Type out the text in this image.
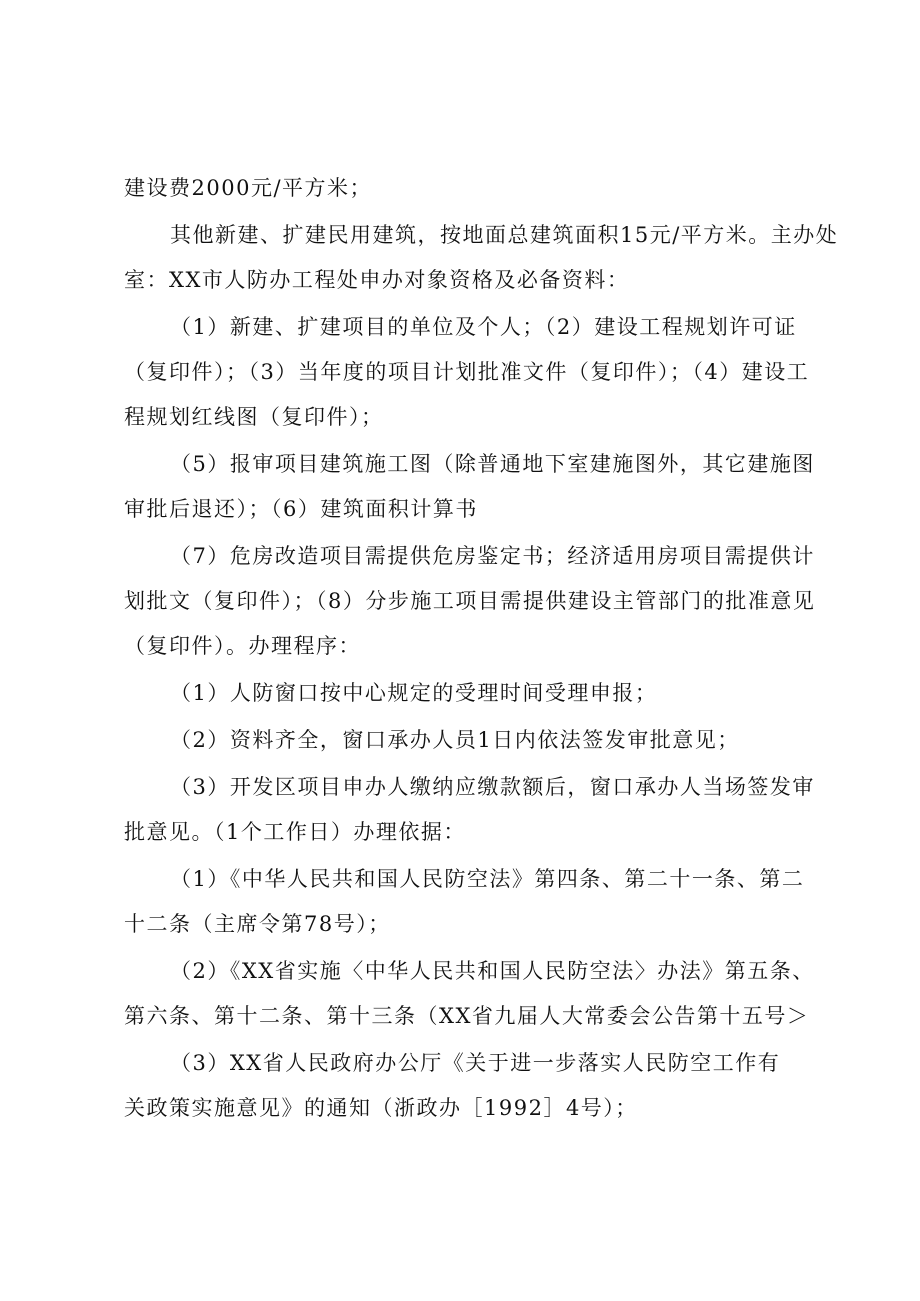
建设费2000元/平方米；

其他新建、扩建民用建筑，按地面总建筑面积15元/平方米。主办处
室：XX市人防办工程处申办对象资格及必备资料：

（1）新建、扩建项目的单位及个人；（2）建设工程规划许可证
（复印件）；（3）当年度的项目计划批准文件（复印件）；（4）建设工
程规划红线图（复印件）；

（5）报审项目建筑施工图（除普通地下室建施图外，其它建施图
审批后退还）；（6）建筑面积计算书

（7）危房改造项目需提供危房鉴定书；经济适用房项目需提供计
划批文（复印件）；（8）分步施工项目需提供建设主管部门的批准意见
（复印件）。办理程序：

（1）人防窗口按中心规定的受理时间受理申报；

（2）资料齐全，窗口承办人员1日内依法签发审批意见；

（3）开发区项目申办人缴纳应缴款额后，窗口承办人当场签发审
批意见。（1个工作日）办理依据：

（1）《中华人民共和国人民防空法》第四条、第二十一条、第二
十二条（主席令第78号）；

（2）《XX省实施〈中华人民共和国人民防空法〉办法》第五条、
第六条、第十二条、第十三条（XX省九届人大常委会公告第十五号＞

（3）XX省人民政府办公厅《关于进一步落实人民防空工作有
关政策实施意见》的通知（浙政办［1992］4号）；
